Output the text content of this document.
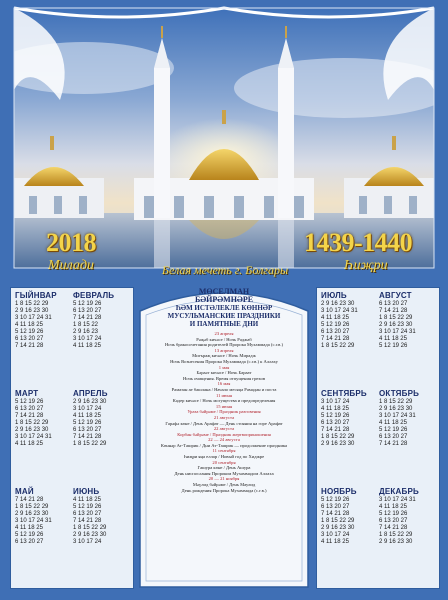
2018	1439-1440
Милади	Һиҗри
Белая мечеть г. Болгары
ГЫЙНВАР
1 8 15 22 29
2 9 16 23 30
3 10 17 24 31
4 11 18 25
5 12 19 26
6 13 20 27
7 14 21 28
ФЕВРАЛЬ
5 12 19 26
6 13 20 27
7 14 21 28
1 8 15 22
2 9 16 23
3 10 17 24
4 11 18 25
МАРТ
5 12 19 26
6 13 20 27
7 14 21 28
1 8 15 22 29
2 9 16 23 30
3 10 17 24 31
4 11 18 25
АПРЕЛЬ
2 9 16 23 30
3 10 17 24
4 11 18 25
5 12 19 26
6 13 20 27
7 14 21 28
1 8 15 22 29
МАЙ
7 14 21 28
1 8 15 22 29
2 9 16 23 30
3 10 17 24 31
4 11 18 25
5 12 19 26
6 13 20 27
ИЮНЬ
4 11 18 25
5 12 19 26
6 13 20 27
7 14 21 28
1 8 15 22 29
2 9 16 23 30
3 10 17 24
МӨСЕЛМАН
БӘЙРӘМНӘРЕ
ҺӘМ ИСТӘЛЕКЛЕ КӨННӘР
МУСУЛЬМАНСКИЕ ПРАЗДНИКИ
И ПАМЯТНЫЕ ДНИ
23 апреля
Рәҗәб кичәсе / Ночь Раджаб
Ночь бракосочетания родителей Пророка Мухаммада (с.г.в.)
13 апреля
Мигъраҗ кичәсе / Ночь Мирадж
Ночь Вознесения Пророка Мухаммада (с.г.в.) к Аллаху
1 мая
Бәраәт кичәсе / Ночь Бараат
Ночь очищения. Время отпущения грехов
16 мая
Рамазан ае башлана / Начало месяца Рамадан и поста
11 июня
Кадер кичәсе / Ночь могущества и предопределения
15 июня
Ураза бәйрәме / Праздник разговения
21 августа
Гарәфә көне / День Арафат — День стояния на горе Арафат
22 августа
Корбан бәйрәме / Праздник жертвоприношения
22 — 24 августа
Көннәр Ат-Ташрик / Дни Ат-Ташрик — продолжение праздника
11 сентября
Һиҗри яңа еллар / Новый год по Хиджре
20 сентября
Гашура көне / День Ашура
День ниспослания Пророком Мухаммадом Аллаха
20 — 21 ноября
Мәүлид бәйрәме / День Маулид
День рождения Пророка Мухаммада (с.г.в.)
ИЮЛЬ
2 9 16 23 30
3 10 17 24 31
4 11 18 25
5 12 19 26
6 13 20 27
7 14 21 28
1 8 15 22 29
АВГУСТ
6 13 20 27
7 14 21 28
1 8 15 22 29
2 9 16 23 30
3 10 17 24 31
4 11 18 25
5 12 19 26
СЕНТЯБРЬ
3 10 17 24
4 11 18 25
5 12 19 26
6 13 20 27
7 14 21 28
1 8 15 22 29
2 9 16 23 30
ОКТЯБРЬ
1 8 15 22 29
2 9 16 23 30
3 10 17 24 31
4 11 18 25
5 12 19 26
6 13 20 27
7 14 21 28
НОЯБРЬ
5 12 19 26
6 13 20 27
7 14 21 28
1 8 15 22 29
2 9 16 23 30
3 10 17 24
4 11 18 25
ДЕКАБРЬ
3 10 17 24 31
4 11 18 25
5 12 19 26
6 13 20 27
7 14 21 28
1 8 15 22 29
2 9 16 23 30
